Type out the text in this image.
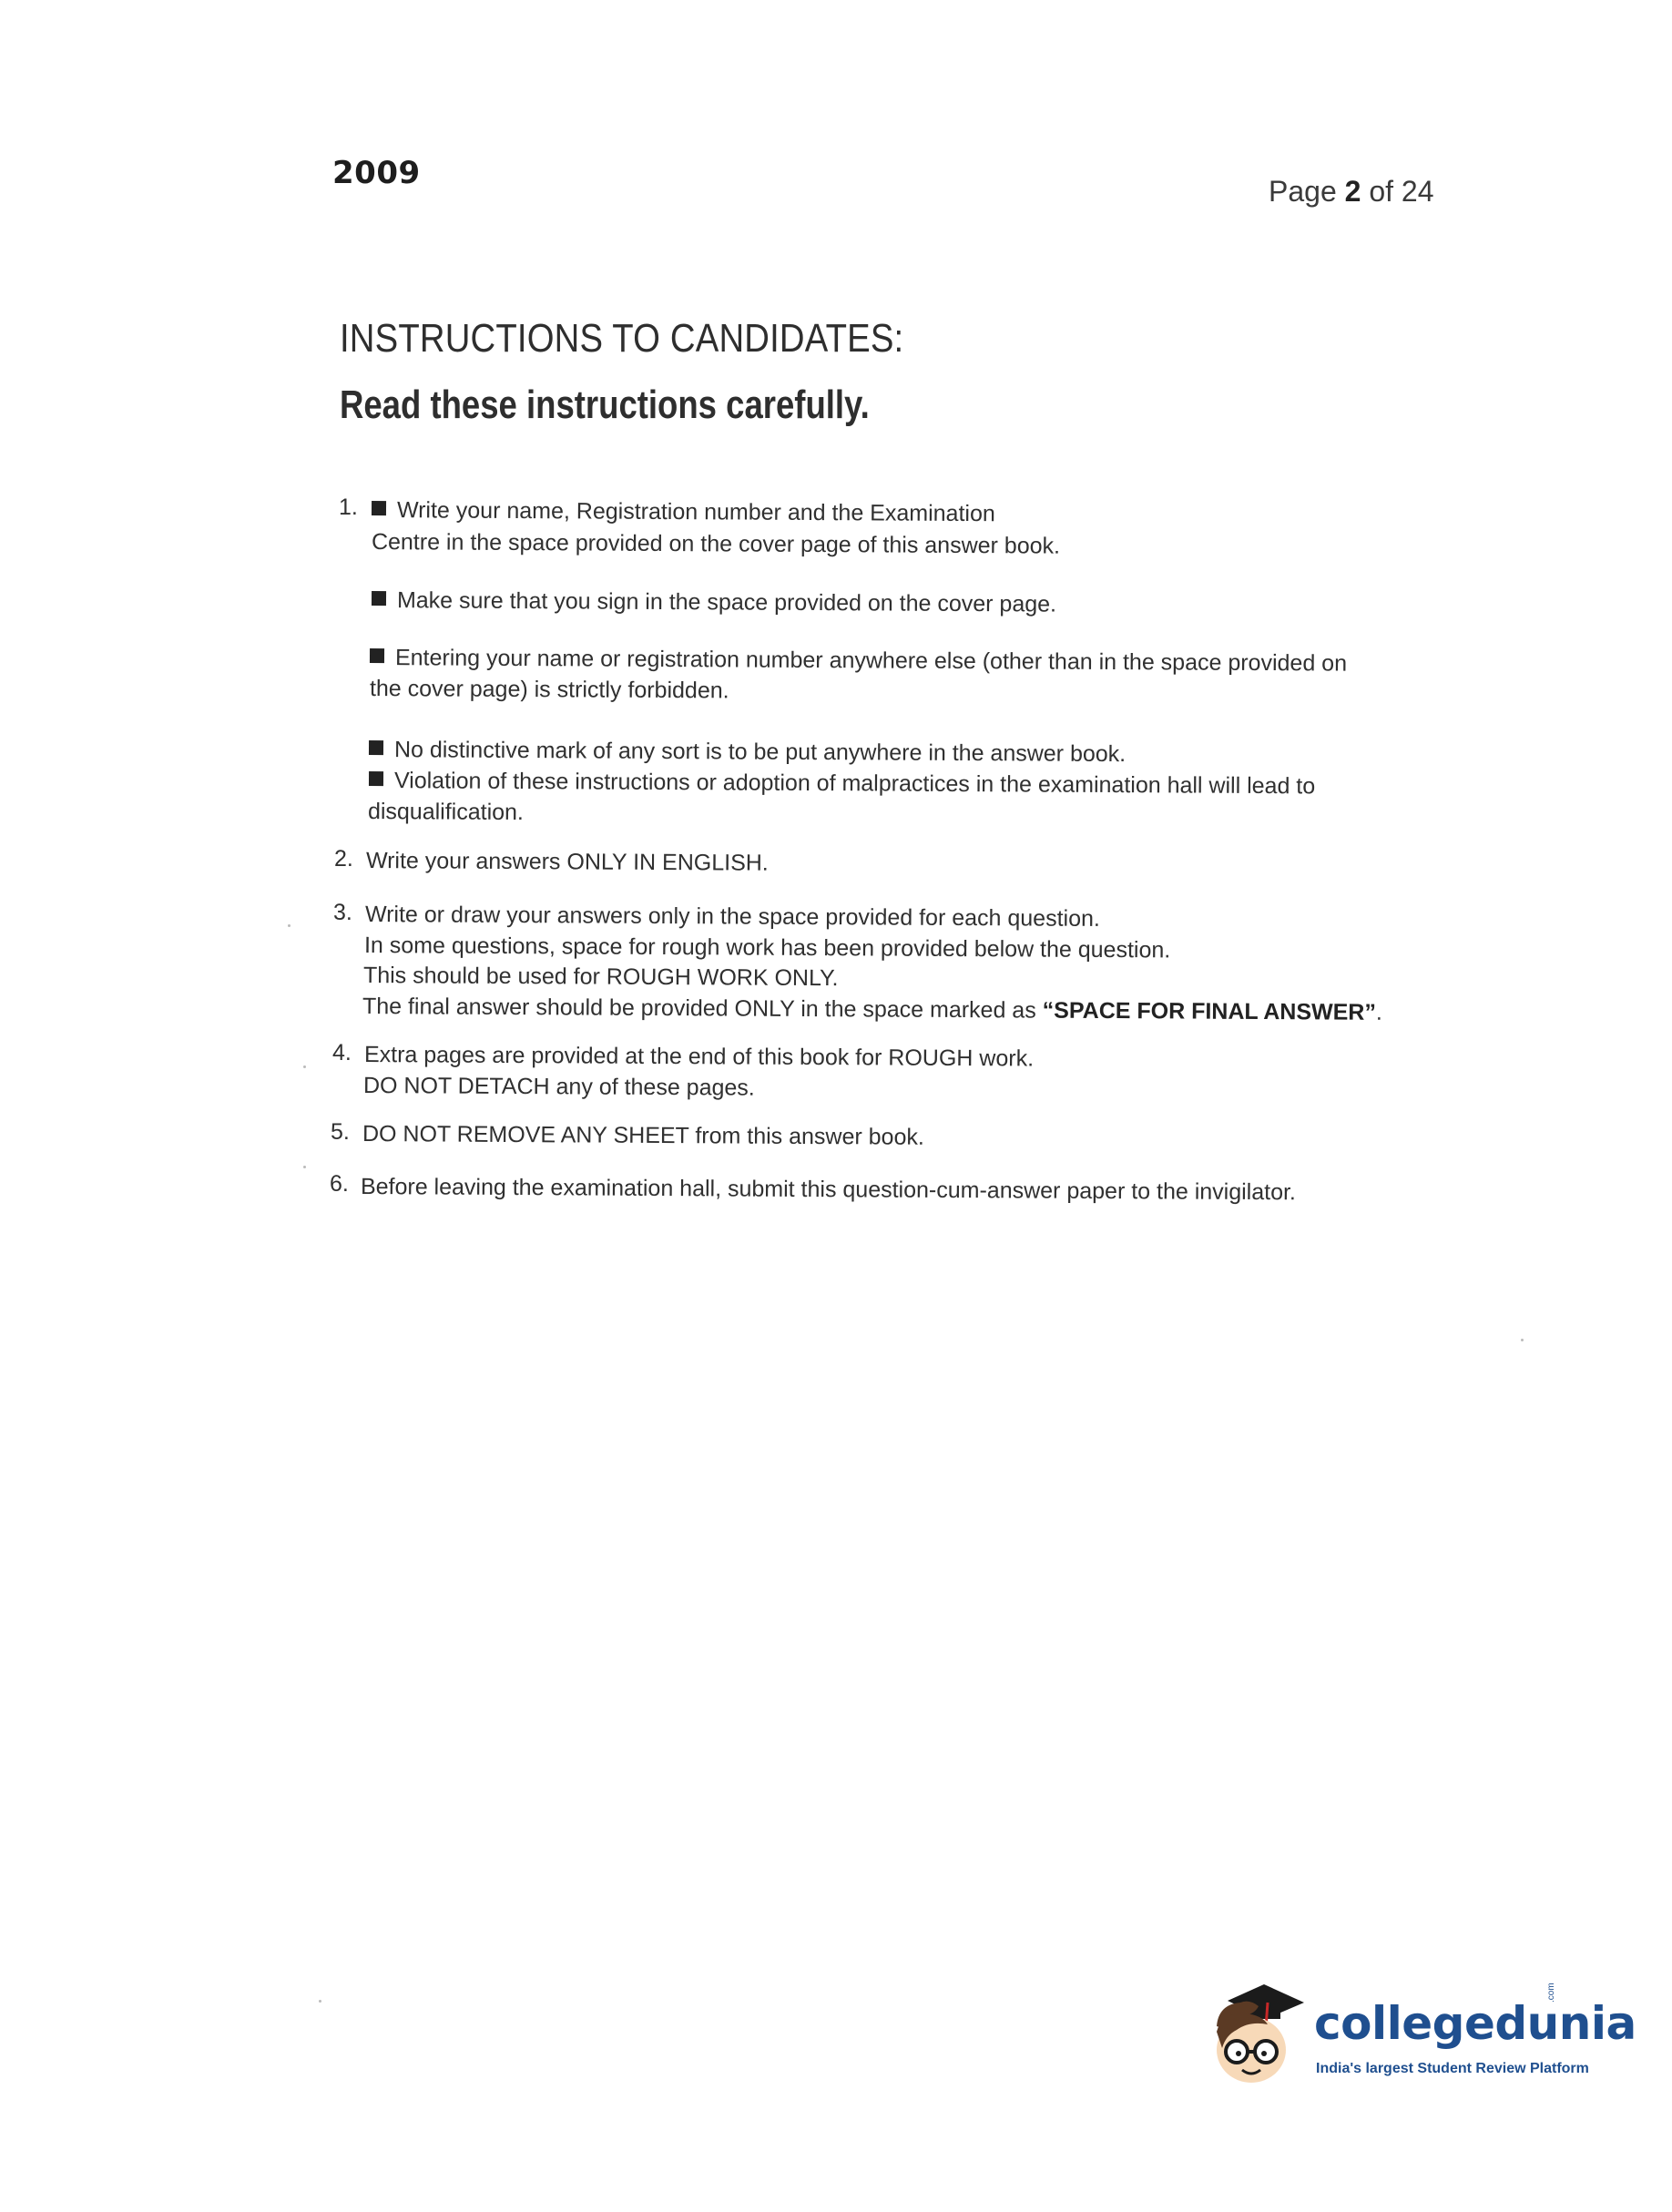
2009	Page 2 of 24
INSTRUCTIONS TO CANDIDATES:
Read these instructions carefully.
1.	Write your name, Registration number and the Examination
Centre in the space provided on the cover page of this answer book.
Make sure that you sign in the space provided on the cover page.
Entering your name or registration number anywhere else (other than in the space provided on
the cover page) is strictly forbidden.
No distinctive mark of any sort is to be put anywhere in the answer book.
Violation of these instructions or adoption of malpractices in the examination hall will lead to
disqualification.
2. Write your answers ONLY IN ENGLISH.
3. Write or draw your answers only in the space provided for each question.
In some questions, space for rough work has been provided below the question.
This should be used for ROUGH WORK ONLY.
The final answer should be provided ONLY in the space marked as “SPACE FOR FINAL ANSWER”.
4. Extra pages are provided at the end of this book for ROUGH work.
DO NOT DETACH any of these pages.
5. DO NOT REMOVE ANY SHEET from this answer book.
6. Before leaving the examination hall, submit this question-cum-answer paper to the invigilator.
collegedunia
.com
India's largest Student Review Platform
